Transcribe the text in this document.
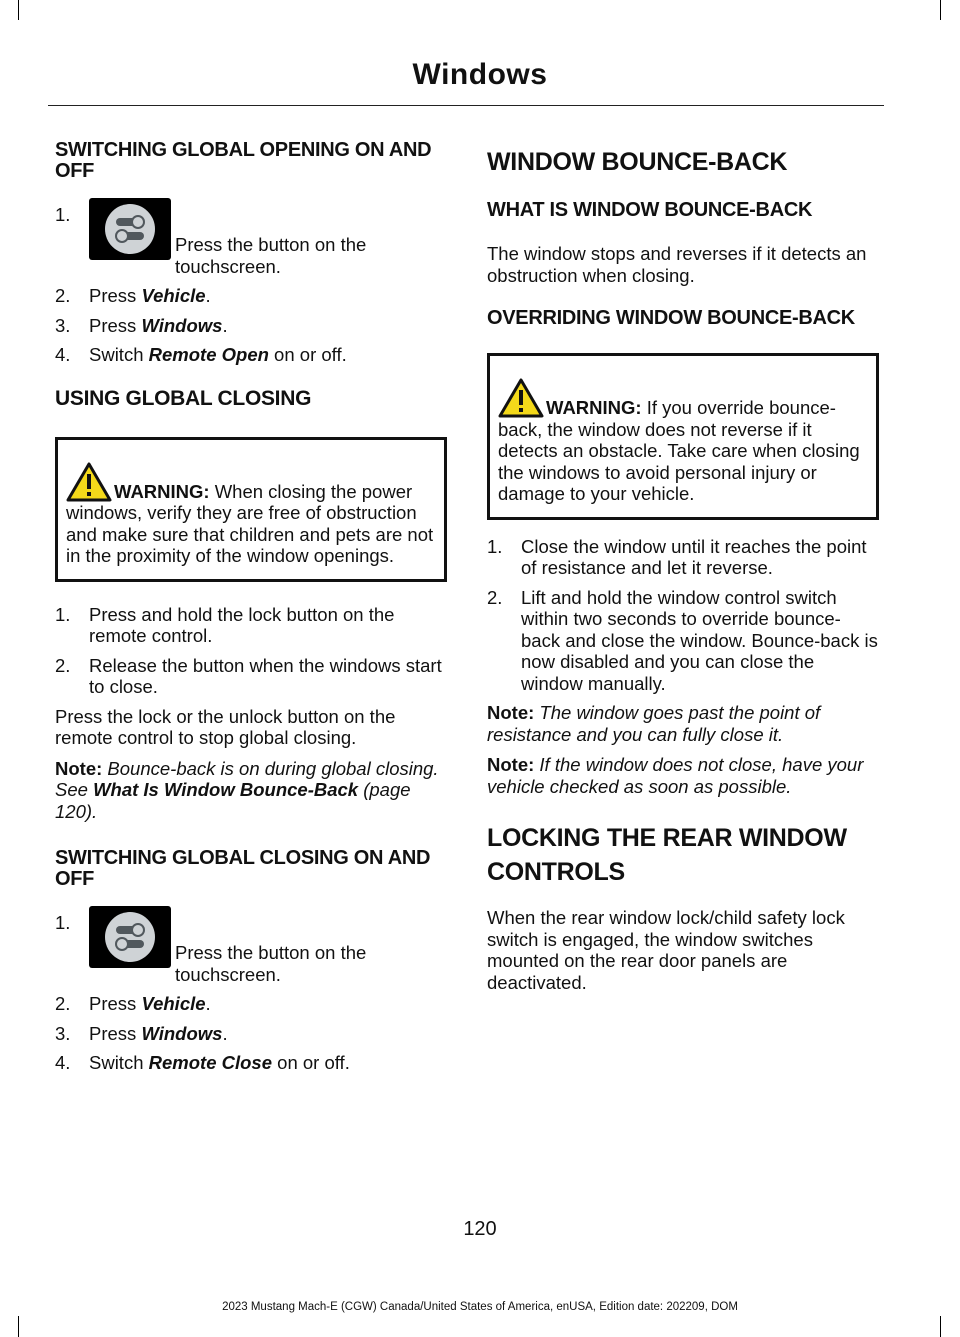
Windows
SWITCHING GLOBAL OPENING ON AND OFF
1.
Press the button on the touchscreen.
2.	Press Vehicle.
3.	Press Windows.
4.	Switch Remote Open on or off.
USING GLOBAL CLOSING
WARNING: When closing the power windows, verify they are free of obstruction and make sure that children and pets are not in the proximity of the window openings.
1.	Press and hold the lock button on the remote control.
2.	Release the button when the windows start to close.

Press the lock or the unlock button on the remote control to stop global closing.

Note: Bounce-back is on during global closing. See What Is Window Bounce-Back (page 120).

SWITCHING GLOBAL CLOSING ON AND OFF
1.
Press the button on the touchscreen.
2.	Press Vehicle.
3.	Press Windows.
4.	Switch Remote Close on or off.
WINDOW BOUNCE-BACK
WHAT IS WINDOW BOUNCE-BACK

The window stops and reverses if it detects an obstruction when closing.

OVERRIDING WINDOW BOUNCE-BACK
WARNING: If you override bounce-back, the window does not reverse if it detects an obstacle. Take care when closing the windows to avoid personal injury or damage to your vehicle.
1.	Close the window until it reaches the point of resistance and let it reverse.
2.	Lift and hold the window control switch within two seconds to override bounce-back and close the window. Bounce-back is now disabled and you can close the window manually.

Note: The window goes past the point of resistance and you can fully close it.

Note: If the window does not close, have your vehicle checked as soon as possible.

LOCKING THE REAR WINDOW
CONTROLS

When the rear window lock/child safety lock switch is engaged, the window switches mounted on the rear door panels are deactivated.

120
2023 Mustang Mach-E (CGW) Canada/United States of America, enUSA, Edition date: 202209, DOM
